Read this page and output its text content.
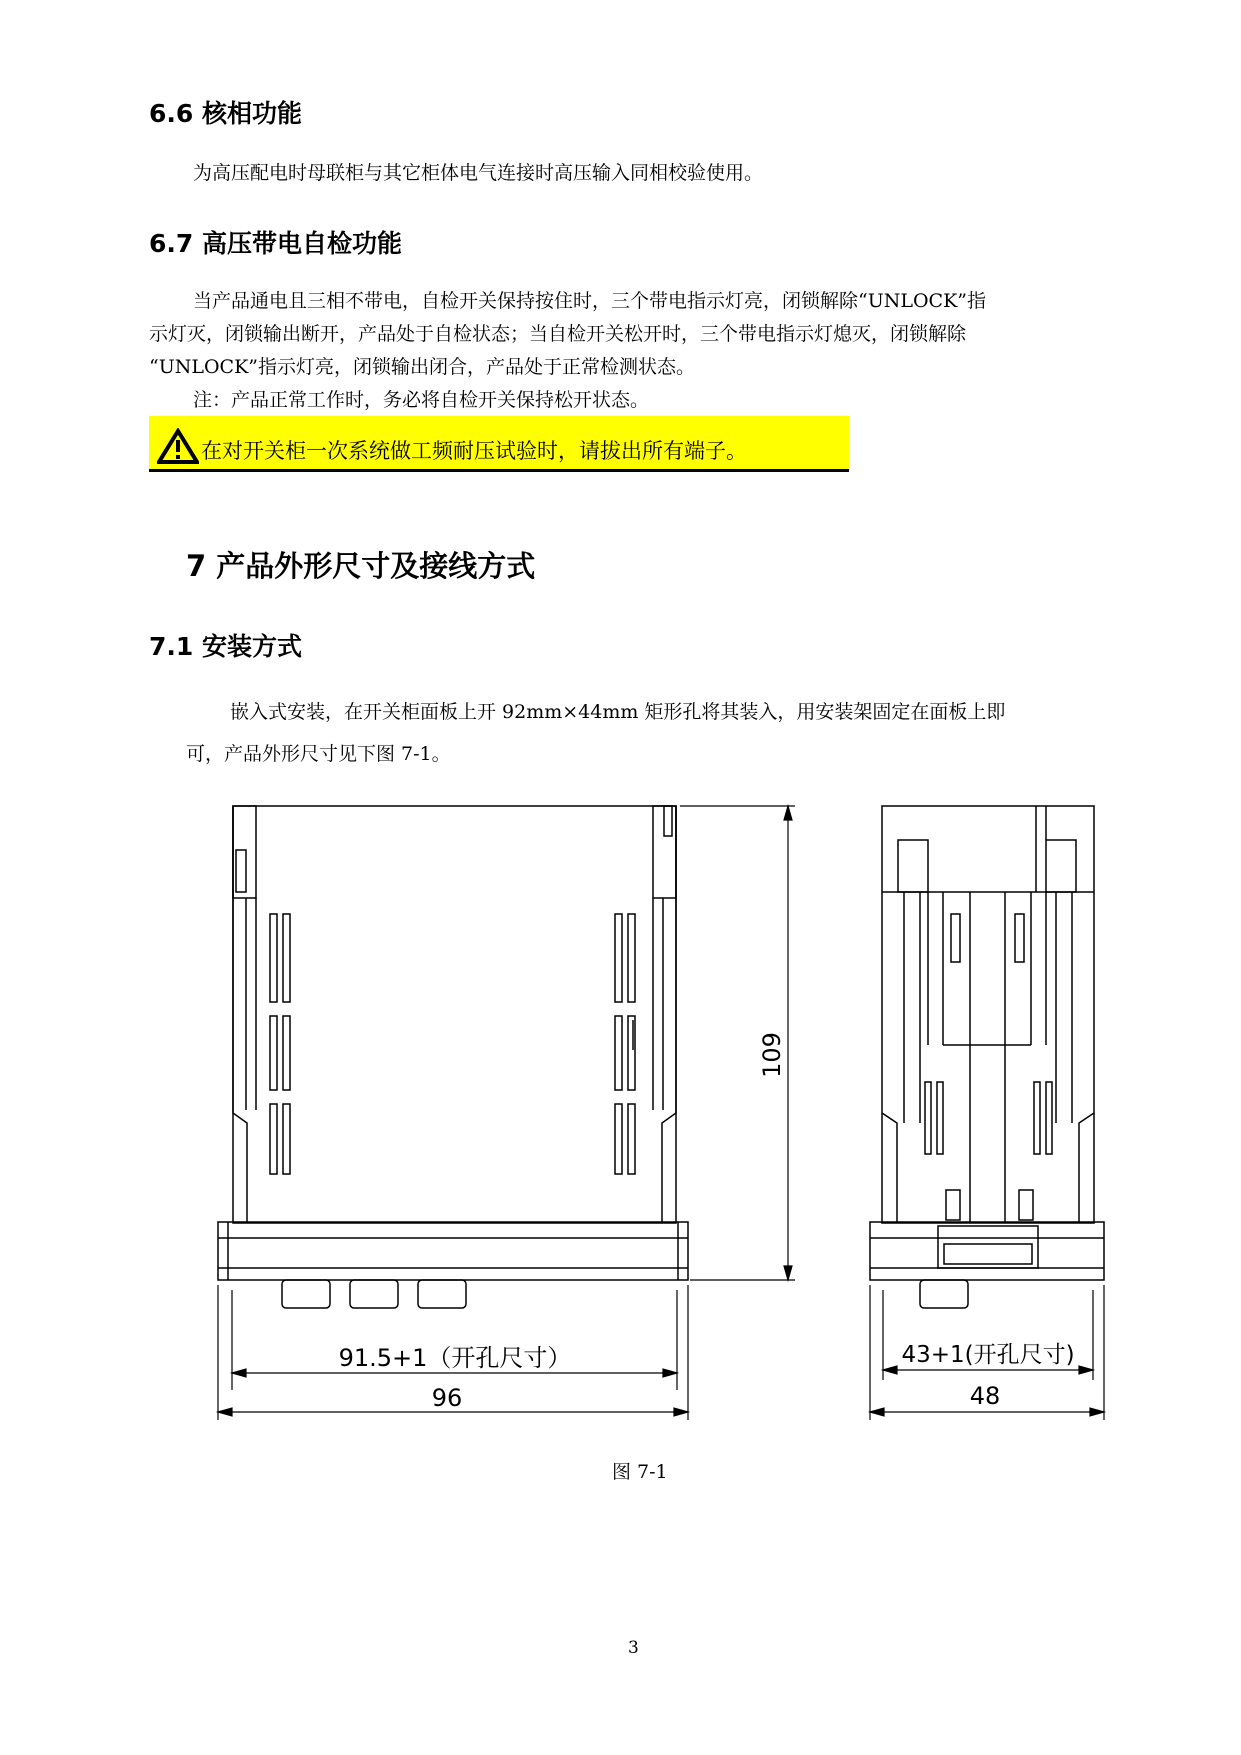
6.6 核相功能
为高压配电时母联柜与其它柜体电气连接时高压输入同相校验使用。
6.7 高压带电自检功能
当产品通电且三相不带电，自检开关保持按住时，三个带电指示灯亮，闭锁解除“UNLOCK”指
示灯灭，闭锁输出断开，产品处于自检状态；当自检开关松开时，三个带电指示灯熄灭，闭锁解除
“UNLOCK”指示灯亮，闭锁输出闭合，产品处于正常检测状态。
注：产品正常工作时，务必将自检开关保持松开状态。
在对开关柜一次系统做工频耐压试验时，请拔出所有端子。
7 产品外形尺寸及接线方式
7.1 安装方式
嵌入式安装，在开关柜面板上开 92mm×44mm 矩形孔将其装入，用安装架固定在面板上即
可，产品外形尺寸见下图 7-1。
109
91.5+1（开孔尺寸）
96
43+1(开孔尺寸)
48
图 7-1
3
